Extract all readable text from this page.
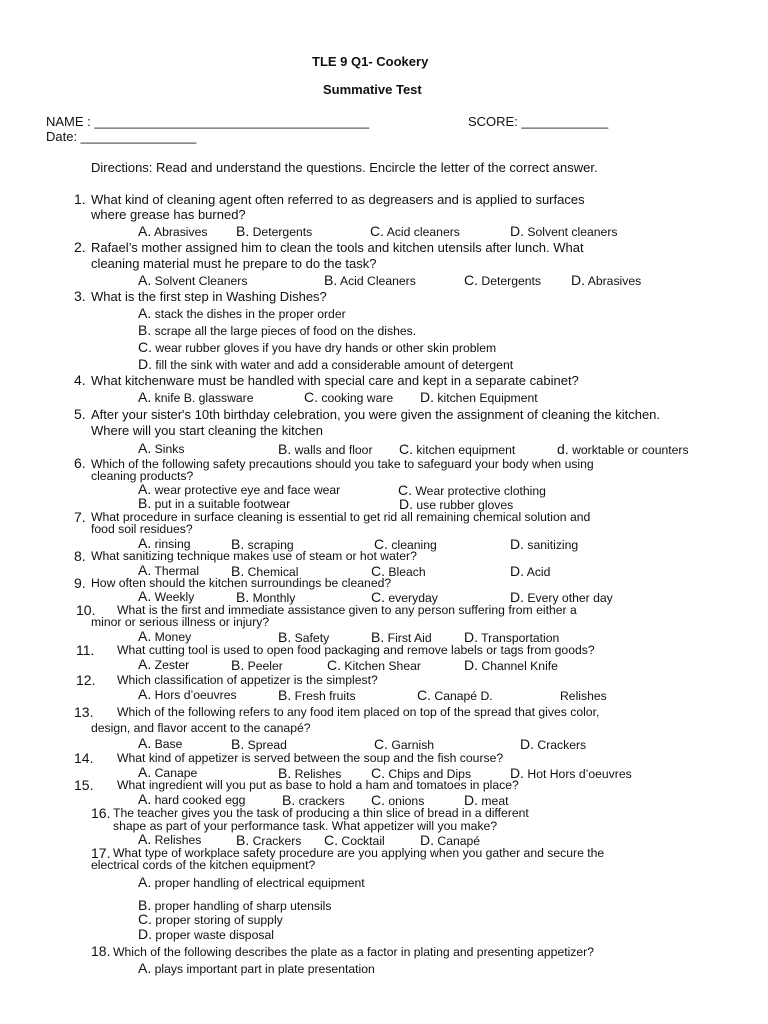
TLE 9 Q1- Cookery
Summative Test
NAME : ______________________________________	SCORE: ____________
Date: ________________
Directions: Read and understand the questions. Encircle the letter of the correct answer.
1. What kind of cleaning agent often referred to as degreasers and is applied to surfaces
where grease has burned?
A. Abrasives B. Detergents	C. Acid cleaners	D. Solvent cleaners
2. Rafael’s mother assigned him to clean the tools and kitchen utensils after lunch. What
cleaning material must he prepare to do the task?
A. Solvent Cleaners	B. Acid Cleaners	C. Detergents D. Abrasives
3. What is the first step in Washing Dishes?
A. stack the dishes in the proper order
B. scrape all the large pieces of food on the dishes.
C. wear rubber gloves if you have dry hands or other skin problem
D. fill the sink with water and add a considerable amount of detergent
4. What kitchenware must be handled with special care and kept in a separate cabinet?
A. knife B. glassware	C. cooking ware D. kitchen Equipment
5. After your sister's 10th birthday celebration, you were given the assignment of cleaning the kitchen.
Where will you start cleaning the kitchen
A. Sinks	B. walls and floor C. kitchen equipment	d. worktable or counters
6. Which of the following safety precautions should you take to safeguard your body when using
cleaning products?
A. wear protective eye and face wear	C. Wear protective clothing
B. put in a suitable footwear	D. use rubber gloves
7. What procedure in surface cleaning is essential to get rid all remaining chemical solution and
food soil residues?
A. rinsing	B. scraping	C. cleaning	D. sanitizing
8. What sanitizing technique makes use of steam or hot water?
A. Thermal B. Chemical	C. Bleach	D. Acid
9. How often should the kitchen surroundings be cleaned?
A. Weekly	B. Monthly	C. everyday	D. Every other day
10. What is the first and immediate assistance given to any person suffering from either a
minor or serious illness or injury?
A. Money	B. Safety	B. First Aid D. Transportation
11. What cutting tool is used to open food packaging and remove labels or tags from goods?
A. Zester	B. Peeler	C. Kitchen Shear	D. Channel Knife
12. Which classification of appetizer is the simplest?
A. Hors d’oeuvres	B. Fresh fruits	C. Canapé D.	Relishes
13. Which of the following refers to any food item placed on top of the spread that gives color,
design, and flavor accent to the canapé?
A. Base	B. Spread	C. Garnish	D. Crackers
14. What kind of appetizer is served between the soup and the fish course?
A. Canape	B. Relishes C. Chips and Dips	D. Hot Hors d’oeuvres
15. What ingredient will you put as base to hold a ham and tomatoes in place?
A. hard cooked egg	B. crackers C. onions	D. meat
16. The teacher gives you the task of producing a thin slice of bread in a different
shape as part of your performance task. What appetizer will you make?
A. Relishes B. Crackers C. Cocktail	D. Canapé
17. What type of workplace safety procedure are you applying when you gather and secure the
electrical cords of the kitchen equipment?
A. proper handling of electrical equipment
B. proper handling of sharp utensils
C. proper storing of supply
D. proper waste disposal
18. Which of the following describes the plate as a factor in plating and presenting appetizer?
A. plays important part in plate presentation
